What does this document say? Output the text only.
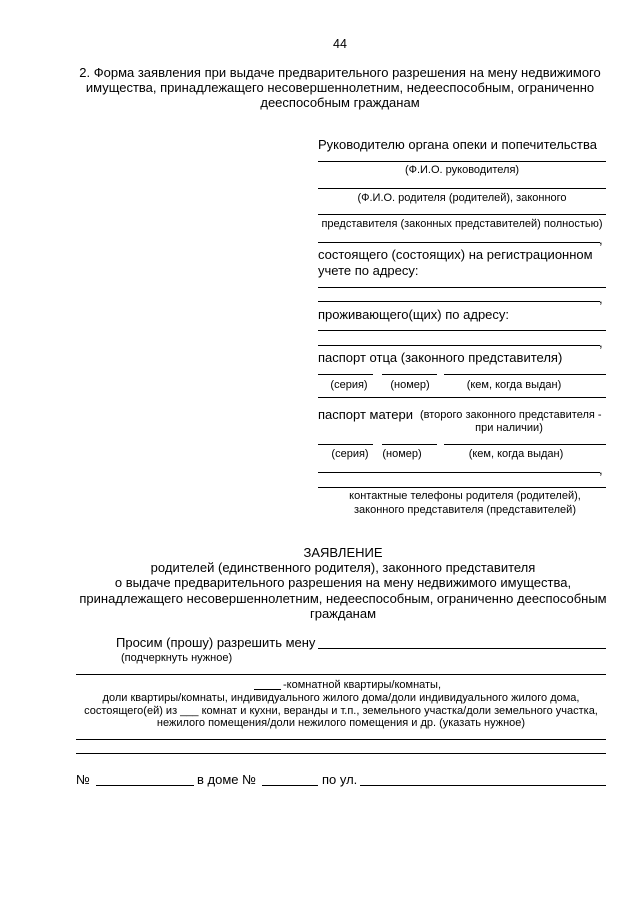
44
2. Форма заявления при выдаче предварительного разрешения на мену недвижимого
имущества, принадлежащего несовершеннолетним, недееспособным, ограниченно
дееспособным гражданам
Руководителю органа опеки и попечительства
(Ф.И.О. руководителя)
(Ф.И.О. родителя (родителей), законного
представителя (законных представителей) полностью)
,
состоящего (состоящих) на регистрационном
учете по адресу:
,
проживающего(щих) по адресу:
,
паспорт отца (законного представителя)
(серия) (номер)	(кем, когда выдан)
паспорт матери (второго законного представителя -
при наличии)
(серия) (номер)	(кем, когда выдан)
,
контактные телефоны родителя (родителей),
законного представителя (представителей)
ЗАЯВЛЕНИЕ
родителей (единственного родителя), законного представителя
о выдаче предварительного разрешения на мену недвижимого имущества,
принадлежащего несовершеннолетним, недееспособным, ограниченно дееспособным
гражданам
Просим (прошу) разрешить мену
(подчеркнуть нужное)
-комнатной квартиры/комнаты,
доли квартиры/комнаты, индивидуального жилого дома/доли индивидуального жилого дома,
состоящего(ей) из ___ комнат и кухни, веранды и т.п., земельного участка/доли земельного участка,
нежилого помещения/доли нежилого помещения и др. (указать нужное)
№	в доме №	по ул.
